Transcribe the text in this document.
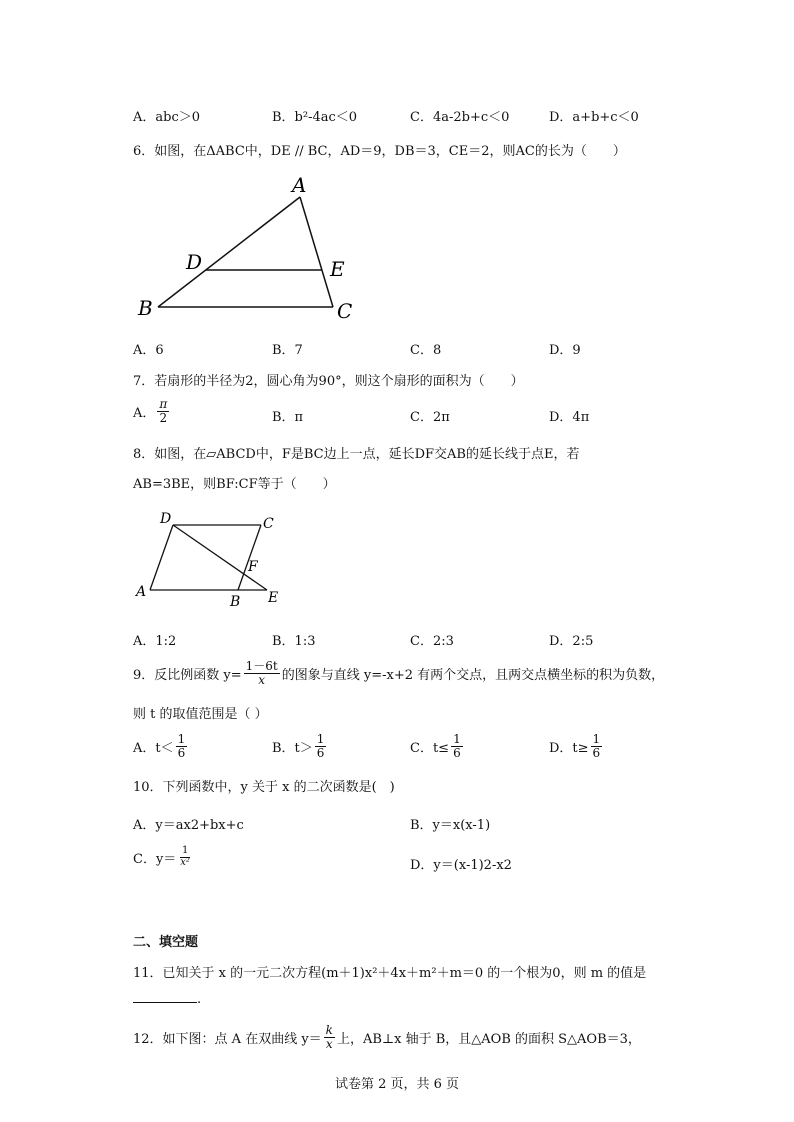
A．abc＞0	B．b²-4ac＜0	C．4a-2b+c＜0	D．a+b+c＜0
6．如图，在ΔABC中，DE // BC，AD＝9，DB＝3，CE＝2，则AC的长为（　　）
A
D	E
B	C
A．6	B．7	C．8	D．9
7．若扇形的半径为2，圆心角为90°，则这个扇形的面积为（　　）
A． $\frac{\pi}{2}$	B．π	C．2π	D．4π
8．如图，在▱ABCD中，F是BC边上一点，延长DF交AB的延长线于点E，若
AB=3BE，则BF:CF等于（　　）
D	C
F
A
B E
A．1:2	B．1:3	C．2:3	D．2:5
9．反比例函数 $y= \frac{1-6t}{x}$ 的图象与直线 y=-x+2 有两个交点，且两交点横坐标的积为负数，
则 t 的取值范围是（ ）
A．$t< \frac{1}{6}$	B．$t> \frac{1}{6}$	C．$t\le \frac{1}{6}$	D．$t\ge \frac{1}{6}$
10．下列函数中，y 关于 x 的二次函数是(　)
A．y＝ax2+bx+c	B．y＝x(x-1)
C．$y= \frac{1}{\text{x²}}$	D．y＝(x-1)2-x2
二、填空题
11．已知关于 x 的一元二次方程(m＋1)x²＋4x＋m²＋m＝0 的一个根为0，则 m 的值是
.
12．如下图：点 A 在双曲线 $y= \frac{k}{x}$ 上，AB⊥x 轴于 B，且△AOB 的面积 S△AOB＝3，
试卷第 2 页，共 6 页
